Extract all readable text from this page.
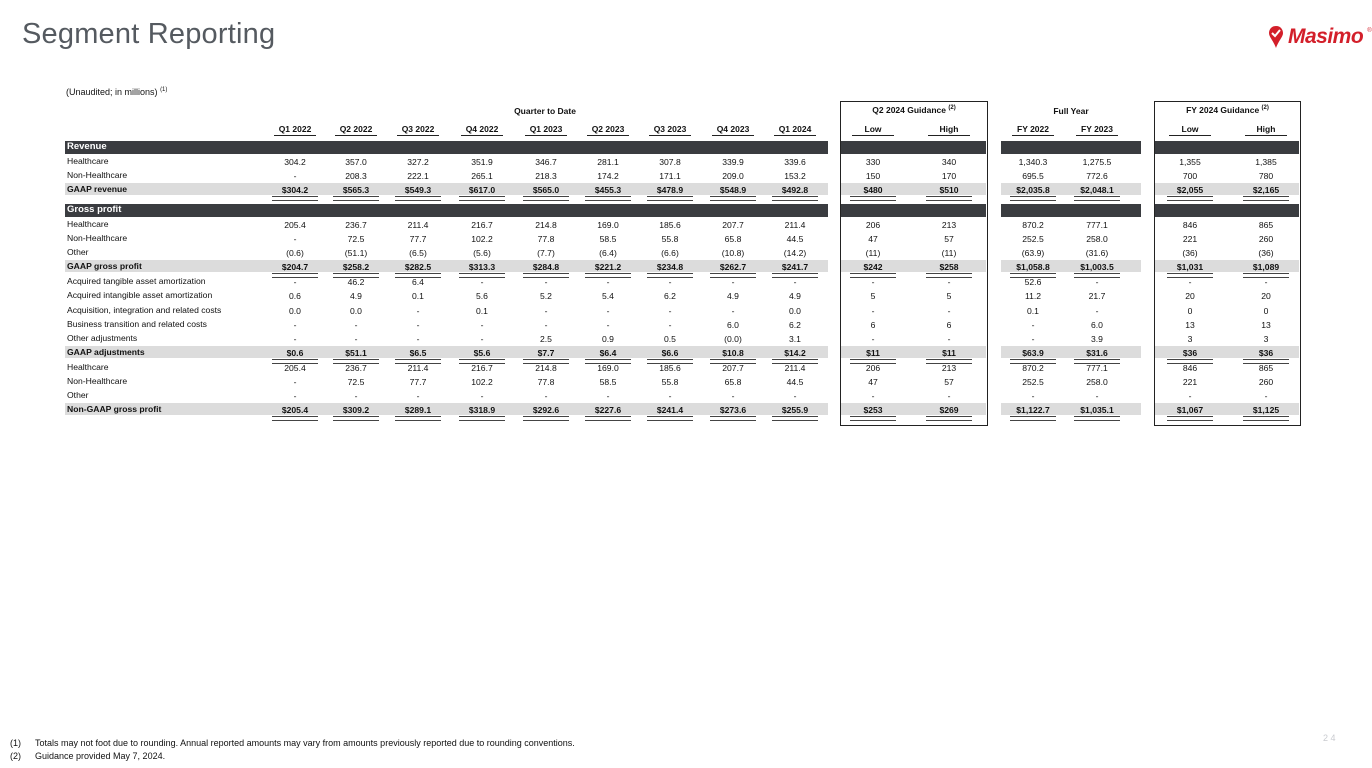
Segment Reporting	Masimo ®
(Unaudited; in millions) $^{(1)}$
Quarter to Date	Q2 2024 Guidance $^{(2)}$	Full Year	FY 2024 Guidance $^{(2)}$
Q1 2022	Q2 2022	Q3 2022	Q4 2022	Q1 2023	Q2 2023	Q3 2023	Q4 2023	Q1 2024	Low	High	FY 2022	FY 2023	Low	High
Revenue
Healthcare	304.2	357.0	327.2	351.9	346.7	281.1	307.8	339.9	339.6	330	340	1,340.3	1,275.5	1,355	1,385
Non-Healthcare	-	208.3	222.1	265.1	218.3	174.2	171.1	209.0	153.2	150	170	695.5	772.6	700	780
GAAP revenue	$304.2	$565.3	$549.3	$617.0	$565.0	$455.3	$478.9	$548.9	$492.8	$480	$510	$2,035.8	$2,048.1	$2,055	$2,165
Gross profit
Healthcare	205.4	236.7	211.4	216.7	214.8	169.0	185.6	207.7	211.4	206	213	870.2	777.1	846	865
Non-Healthcare	-	72.5	77.7	102.2	77.8	58.5	55.8	65.8	44.5	47	57	252.5	258.0	221	260
Other	(0.6)	(51.1)	(6.5)	(5.6)	(7.7)	(6.4)	(6.6)	(10.8)	(14.2)	(11)	(11)	(63.9)	(31.6)	(36)	(36)
GAAP gross profit	$204.7	$258.2	$282.5	$313.3	$284.8	$221.2	$234.8	$262.7	$241.7	$242	$258	$1,058.8	$1,003.5	$1,031	$1,089
Acquired tangible asset amortization	-	46.2	6.4	-	-	-	-	-	-	-	-	52.6	-	-	-
Acquired intangible asset amortization	0.6	4.9	0.1	5.6	5.2	5.4	6.2	4.9	4.9	5	5	11.2	21.7	20	20
Acquisition, integration and related costs	0.0	0.0	-	0.1	-	-	-	-	0.0	-	-	0.1	-	0	0
Business transition and related costs	-	-	-	-	-	-	-	6.0	6.2	6	6	-	6.0	13	13
Other adjustments	-	-	-	-	2.5	0.9	0.5	(0.0)	3.1	-	-	-	3.9	3	3
GAAP adjustments	$0.6	$51.1	$6.5	$5.6	$7.7	$6.4	$6.6	$10.8	$14.2	$11	$11	$63.9	$31.6	$36	$36
Healthcare	205.4	236.7	211.4	216.7	214.8	169.0	185.6	207.7	211.4	206	213	870.2	777.1	846	865
Non-Healthcare	-	72.5	77.7	102.2	77.8	58.5	55.8	65.8	44.5	47	57	252.5	258.0	221	260
Other	-	-	-	-	-	-	-	-	-	-	-	-	-	-	-
Non-GAAP gross profit	$205.4	$309.2	$289.1	$318.9	$292.6	$227.6	$241.4	$273.6	$255.9	$253	$269	$1,122.7	$1,035.1	$1,067	$1,125
(1)	Totals may not foot due to rounding. Annual reported amounts may vary from amounts previously reported due to rounding conventions.
(2)	Guidance provided May 7, 2024.
2 4
